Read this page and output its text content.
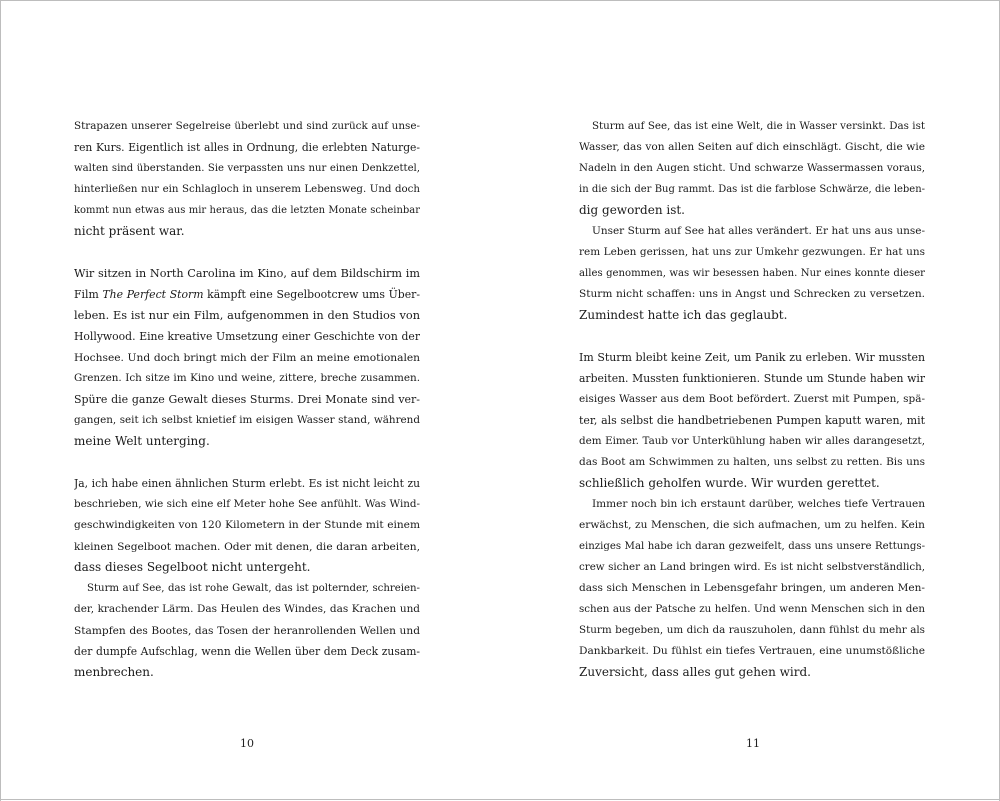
Strapazen unserer Segelreise überlebt und sind zurück auf unse-
ren Kurs. Eigentlich ist alles in Ordnung, die erlebten Naturge-
walten sind überstanden. Sie verpassten uns nur einen Denkzettel,
hinterließen nur ein Schlagloch in unserem Lebensweg. Und doch
kommt nun etwas aus mir heraus, das die letzten Monate scheinbar
nicht präsent war.
Wir sitzen in North Carolina im Kino, auf dem Bildschirm im
Film The Perfect Storm kämpft eine Segelbootcrew ums Über-
leben. Es ist nur ein Film, aufgenommen in den Studios von
Hollywood. Eine kreative Umsetzung einer Geschichte von der
Hochsee. Und doch bringt mich der Film an meine emotionalen
Grenzen. Ich sitze im Kino und weine, zittere, breche zusammen.
Spüre die ganze Gewalt dieses Sturms. Drei Monate sind ver-
gangen, seit ich selbst knietief im eisigen Wasser stand, während
meine Welt unterging.
Ja, ich habe einen ähnlichen Sturm erlebt. Es ist nicht leicht zu
beschrieben, wie sich eine elf Meter hohe See anfühlt. Was Wind-
geschwindigkeiten von 120 Kilometern in der Stunde mit einem
kleinen Segelboot machen. Oder mit denen, die daran arbeiten,
dass dieses Segelboot nicht untergeht.
Sturm auf See, das ist rohe Gewalt, das ist polternder, schreien-
der, krachender Lärm. Das Heulen des Windes, das Krachen und
Stampfen des Bootes, das Tosen der heranrollenden Wellen und
der dumpfe Aufschlag, wenn die Wellen über dem Deck zusam-
menbrechen.
10
Sturm auf See, das ist eine Welt, die in Wasser versinkt. Das ist
Wasser, das von allen Seiten auf dich einschlägt. Gischt, die wie
Nadeln in den Augen sticht. Und schwarze Wassermassen voraus,
in die sich der Bug rammt. Das ist die farblose Schwärze, die leben-
dig geworden ist.
Unser Sturm auf See hat alles verändert. Er hat uns aus unse-
rem Leben gerissen, hat uns zur Umkehr gezwungen. Er hat uns
alles genommen, was wir besessen haben. Nur eines konnte dieser
Sturm nicht schaffen: uns in Angst und Schrecken zu versetzen.
Zumindest hatte ich das geglaubt.
Im Sturm bleibt keine Zeit, um Panik zu erleben. Wir mussten
arbeiten. Mussten funktionieren. Stunde um Stunde haben wir
eisiges Wasser aus dem Boot befördert. Zuerst mit Pumpen, spä-
ter, als selbst die handbetriebenen Pumpen kaputt waren, mit
dem Eimer. Taub vor Unterkühlung haben wir alles darangesetzt,
das Boot am Schwimmen zu halten, uns selbst zu retten. Bis uns
schließlich geholfen wurde. Wir wurden gerettet.
Immer noch bin ich erstaunt darüber, welches tiefe Vertrauen
erwächst, zu Menschen, die sich aufmachen, um zu helfen. Kein
einziges Mal habe ich daran gezweifelt, dass uns unsere Rettungs-
crew sicher an Land bringen wird. Es ist nicht selbstverständlich,
dass sich Menschen in Lebensgefahr bringen, um anderen Men-
schen aus der Patsche zu helfen. Und wenn Menschen sich in den
Sturm begeben, um dich da rauszuholen, dann fühlst du mehr als
Dankbarkeit. Du fühlst ein tiefes Vertrauen, eine unumstößliche
Zuversicht, dass alles gut gehen wird.
11
